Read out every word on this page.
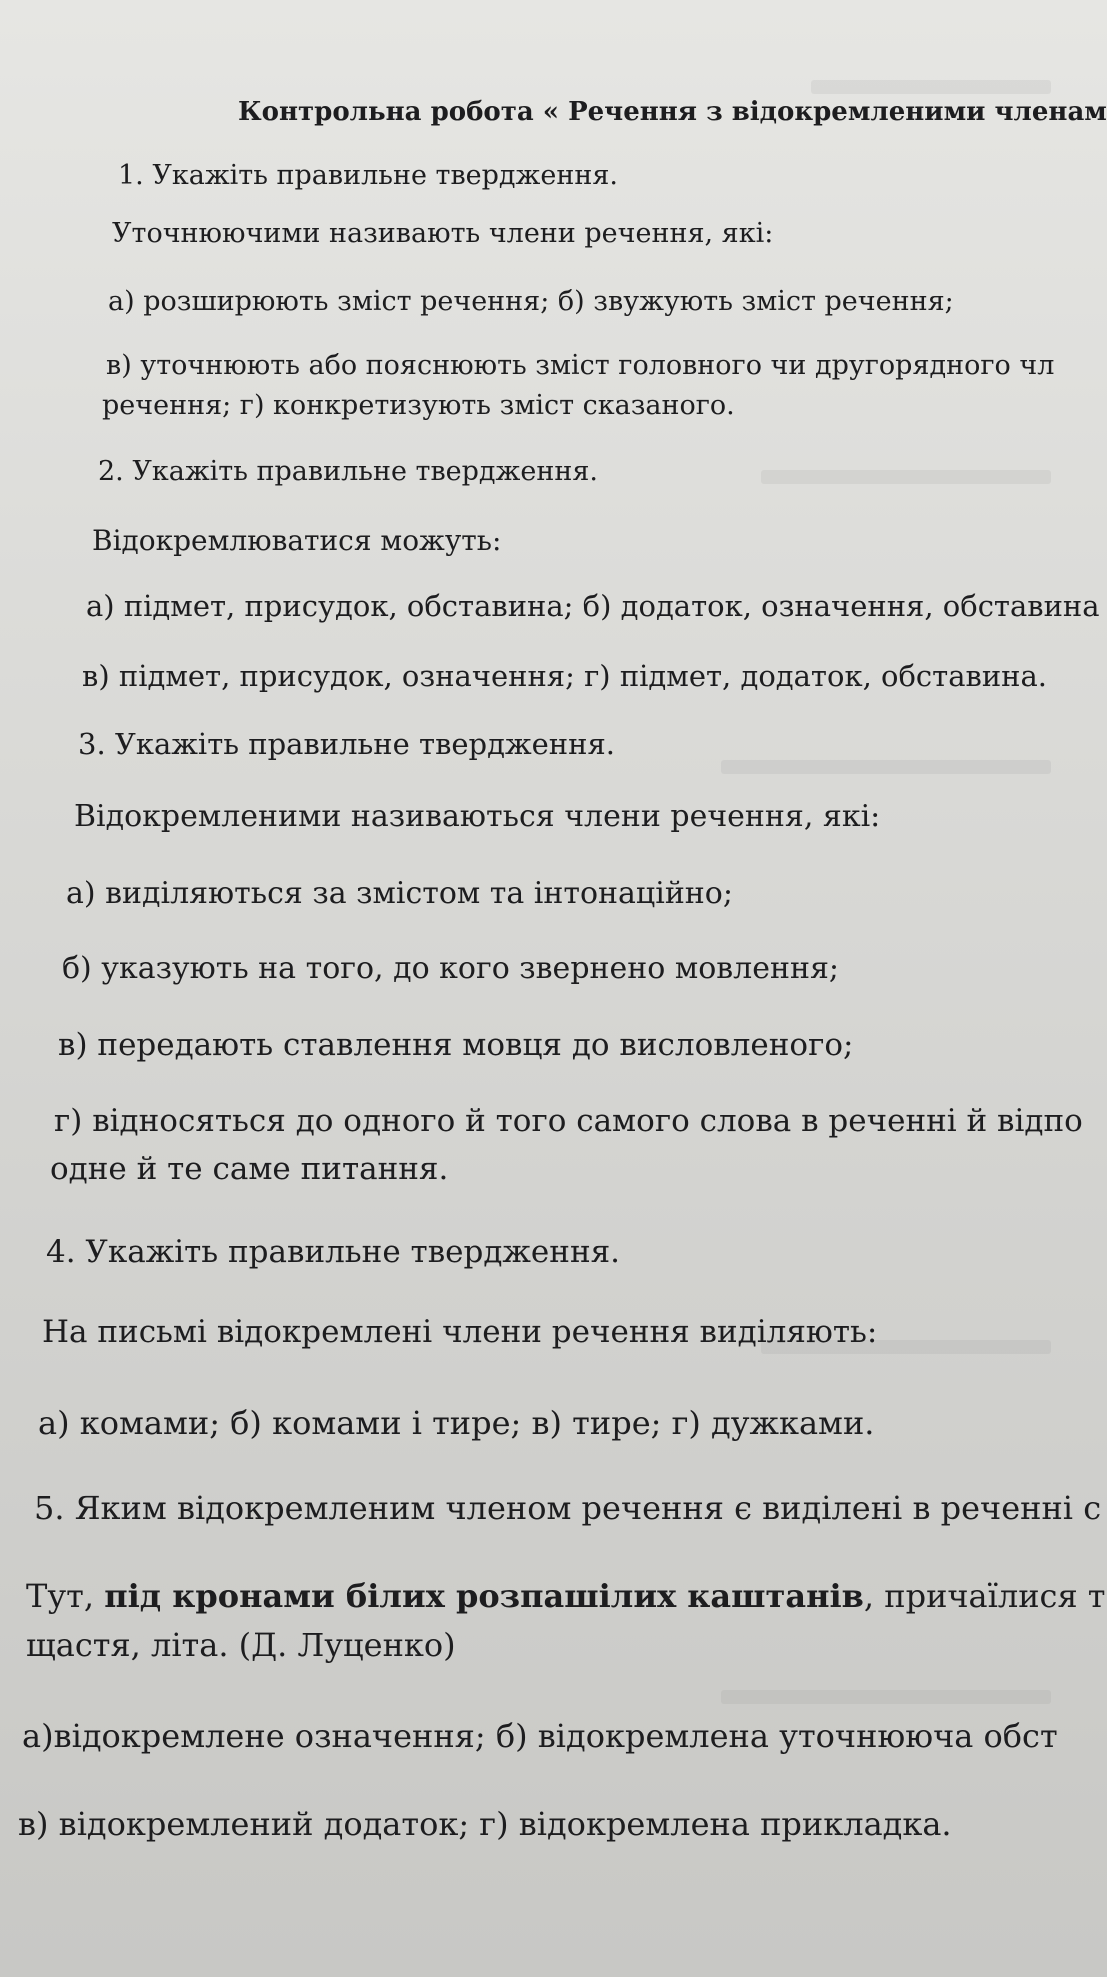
Контрольна робота « Речення з відокремленими членам
1. Укажіть правильне твердження.
Уточнюючими називають члени речення, які:
а) розширюють зміст речення; б) звужують зміст речення;
в) уточнюють або пояснюють зміст головного чи другорядного чл
речення; г) конкретизують зміст сказаного.
2. Укажіть правильне твердження.
Відокремлюватися можуть:
а) підмет, присудок, обставина; б) додаток, означення, обставина
в) підмет, присудок, означення; г) підмет, додаток, обставина.
3. Укажіть правильне твердження.
Відокремленими називаються члени речення, які:
а) виділяються за змістом та інтонаційно;
б) указують на того, до кого звернено мовлення;
в) передають ставлення мовця до висловленого;
г) відносяться до одного й того самого слова в реченні й відпо
одне й те саме питання.
4. Укажіть правильне твердження.
На письмі відокремлені члени речення виділяють:
а) комами; б) комами і тире; в) тире; г) дужками.
5. Яким відокремленим членом речення є виділені в реченні с
Тут, під кронами білих розпашілих каштанів, причаїлися т
щастя, літа. (Д. Луценко)
а)відокремлене означення; б) відокремлена уточнююча обст
в) відокремлений додаток; г) відокремлена прикладка.
